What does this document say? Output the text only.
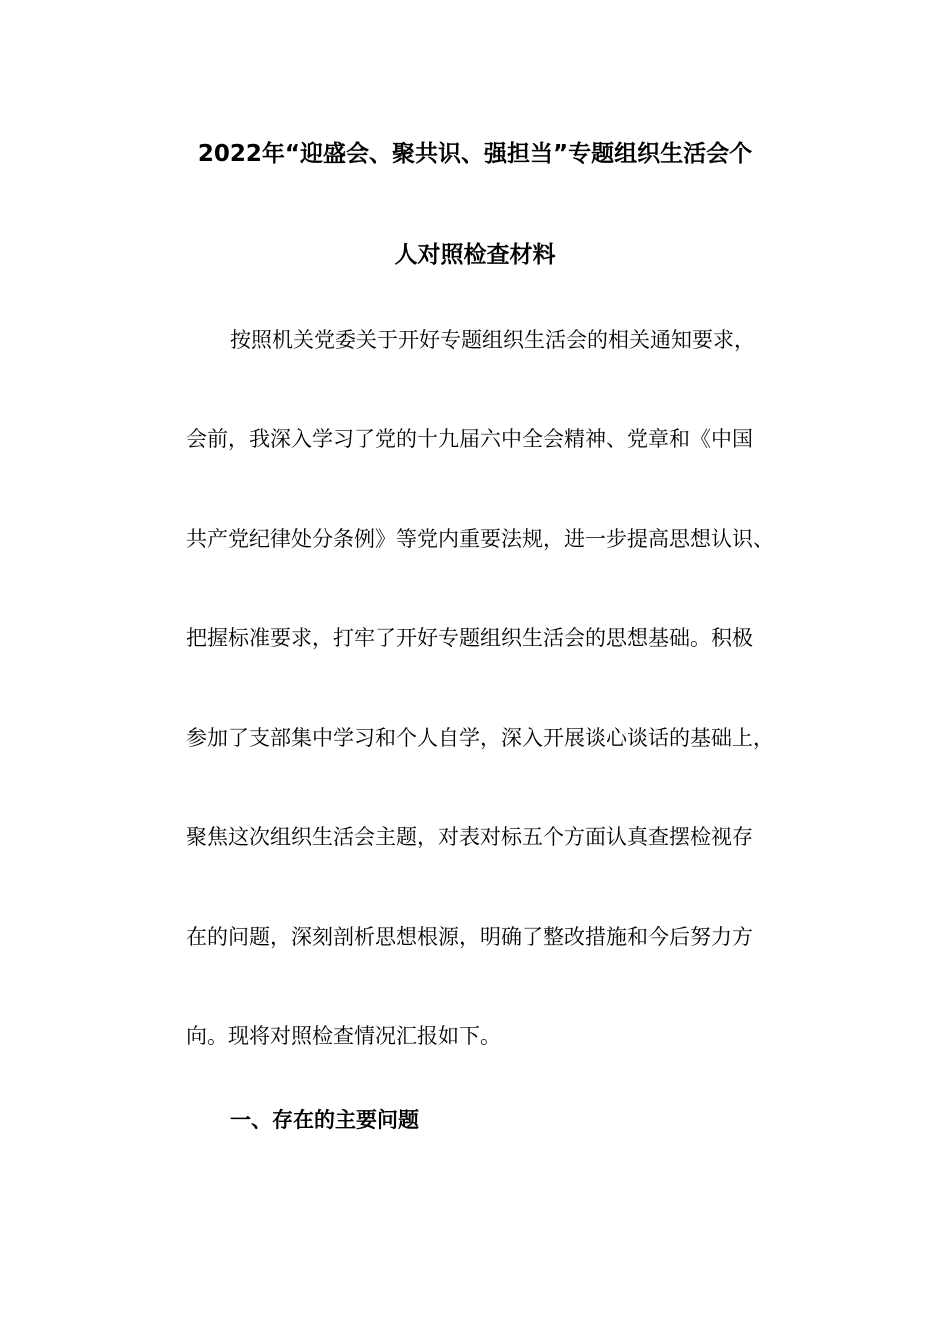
2022年“迎盛会、聚共识、强担当”专题组织生活会个
人对照检查材料
按照机关党委关于开好专题组织生活会的相关通知要求，
会前，我深入学习了党的十九届六中全会精神、党章和《中国
共产党纪律处分条例》等党内重要法规，进一步提高思想认识、
把握标准要求，打牢了开好专题组织生活会的思想基础。积极
参加了支部集中学习和个人自学，深入开展谈心谈话的基础上，
聚焦这次组织生活会主题，对表对标五个方面认真查摆检视存
在的问题，深刻剖析思想根源，明确了整改措施和今后努力方
向。现将对照检查情况汇报如下。
一、存在的主要问题
